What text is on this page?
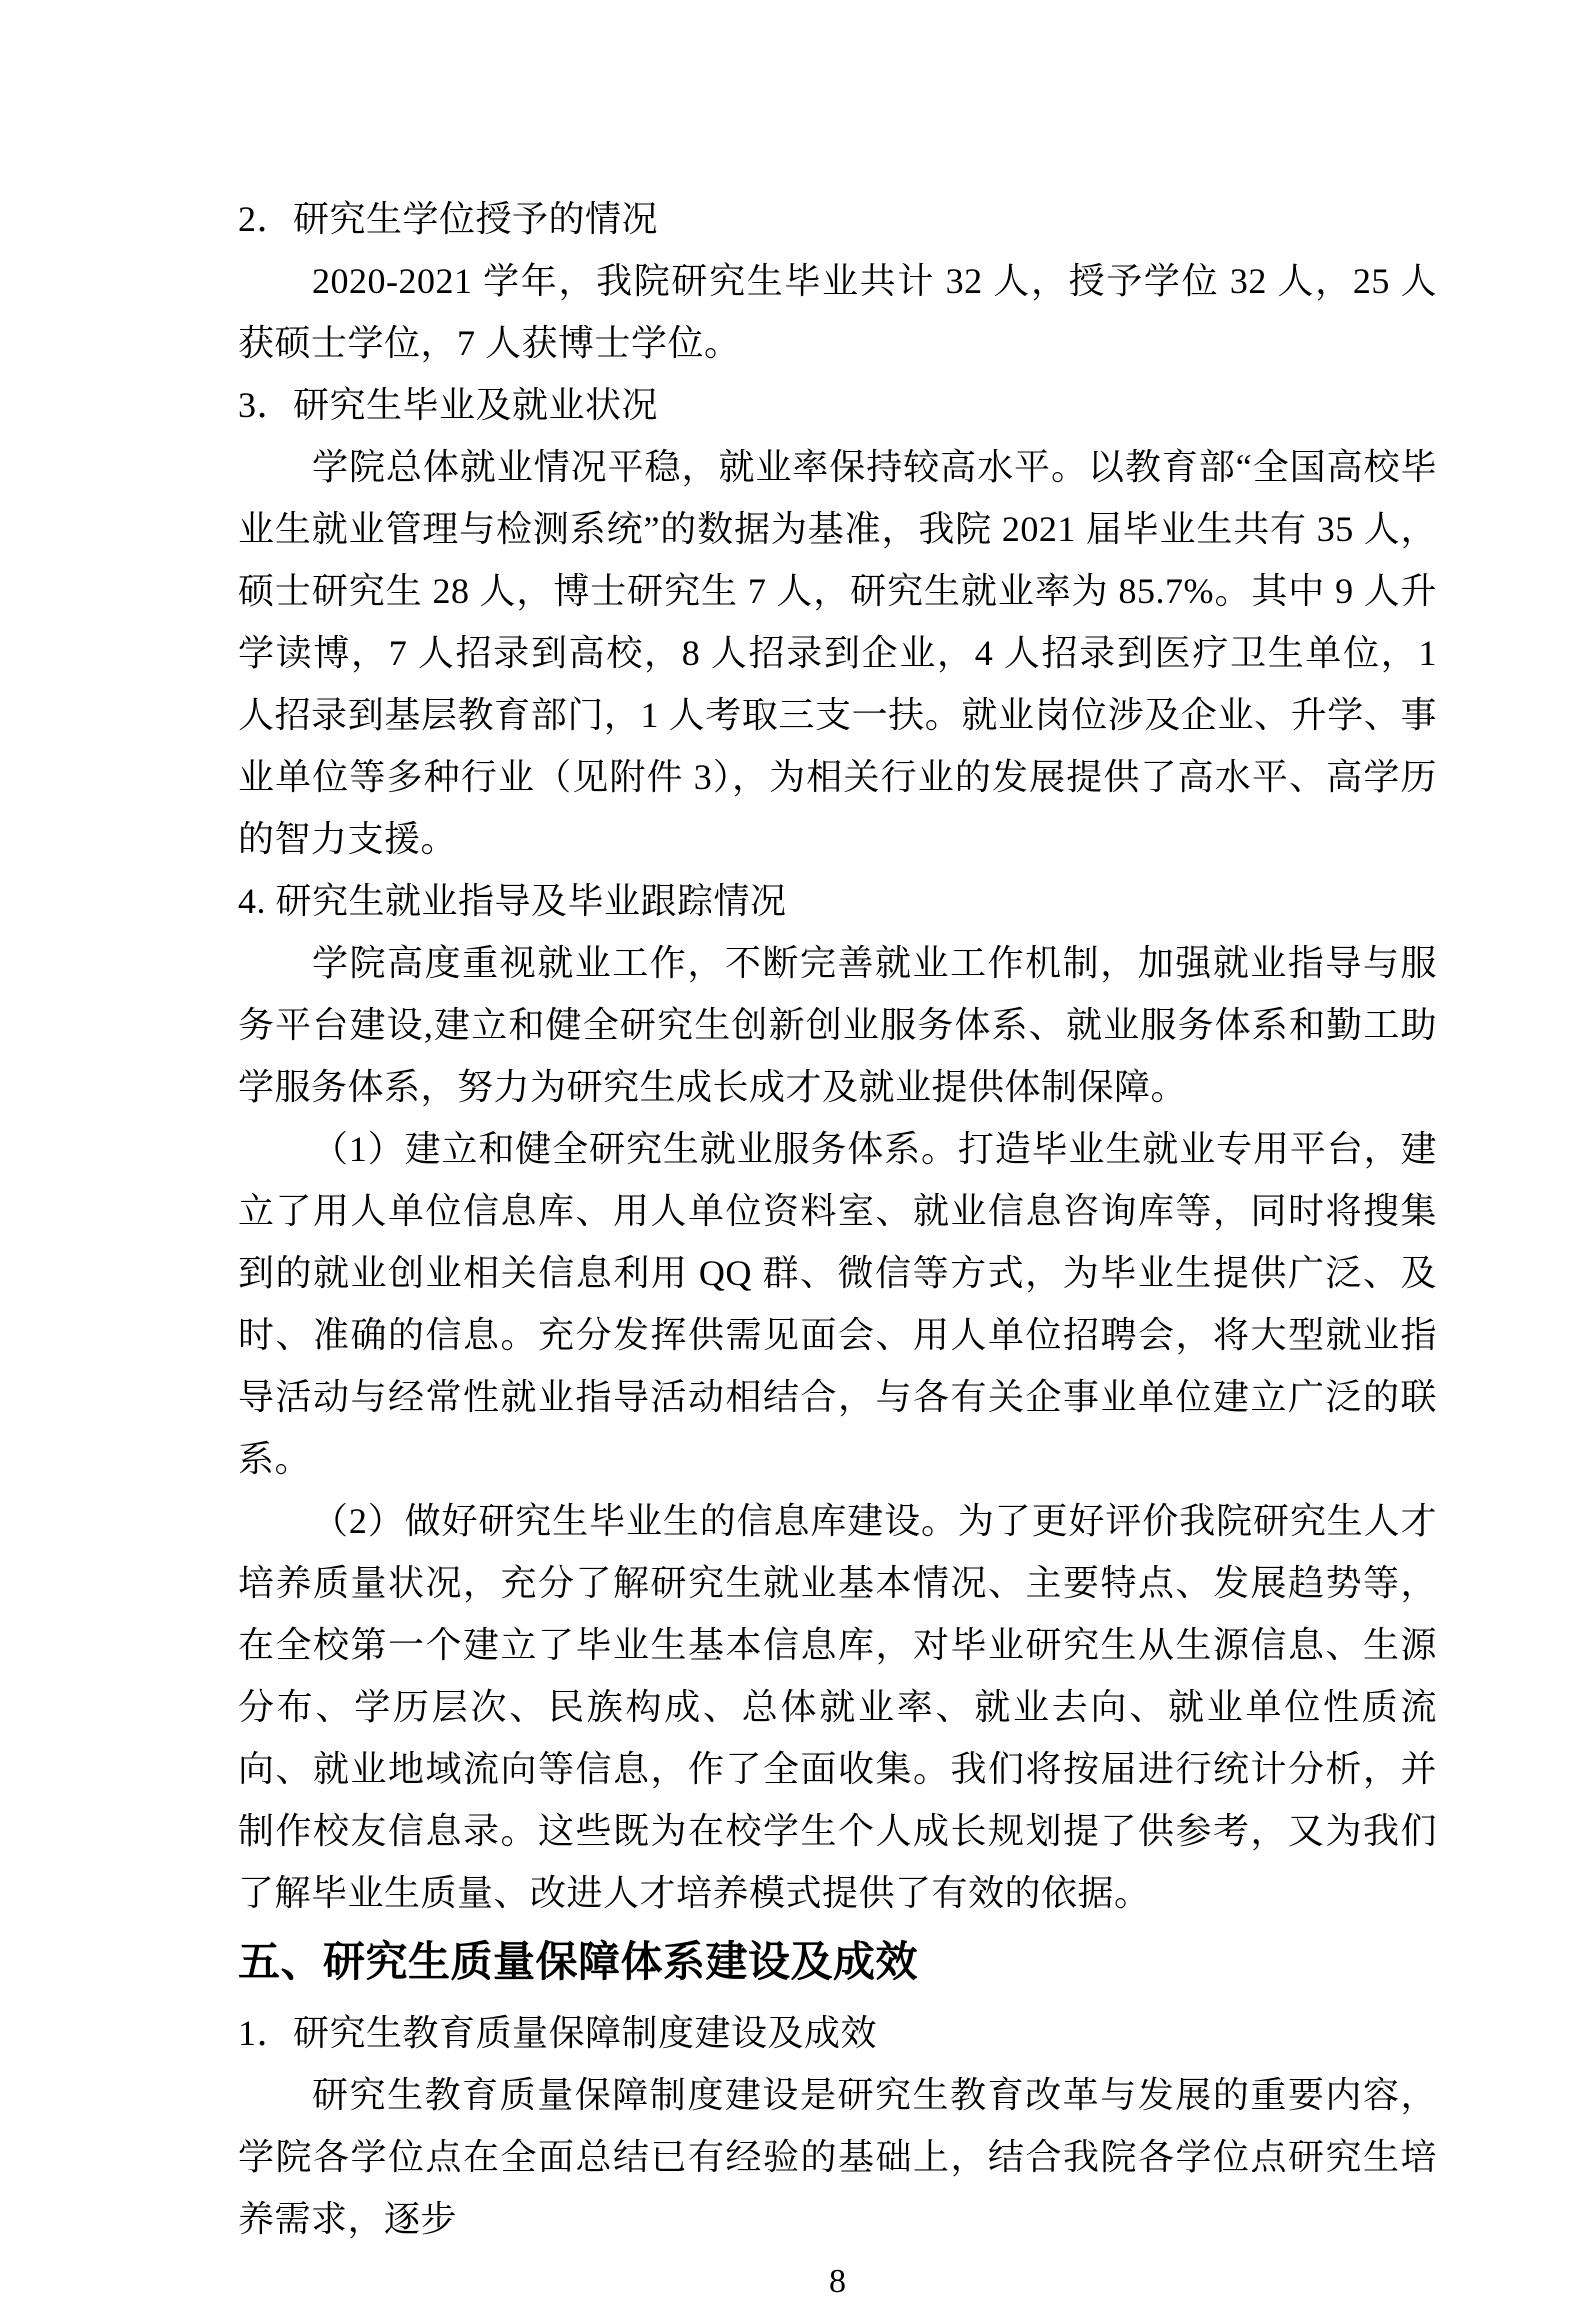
2．研究生学位授予的情况

2020-2021 学年，我院研究生毕业共计 32 人，授予学位 32 人，25 人获硕士学位，7 人获博士学位。

3．研究生毕业及就业状况

学院总体就业情况平稳，就业率保持较高水平。以教育部“全国高校毕业生就业管理与检测系统”的数据为基准，我院 2021 届毕业生共有 35 人，硕士研究生 28 人，博士研究生 7 人，研究生就业率为 85.7%。其中 9 人升学读博，7 人招录到高校，8 人招录到企业，4 人招录到医疗卫生单位，1 人招录到基层教育部门，1 人考取三支一扶。就业岗位涉及企业、升学、事业单位等多种行业（见附件 3），为相关行业的发展提供了高水平、高学历的智力支援。

4. 研究生就业指导及毕业跟踪情况

学院高度重视就业工作，不断完善就业工作机制，加强就业指导与服务平台建设,建立和健全研究生创新创业服务体系、就业服务体系和勤工助学服务体系，努力为研究生成长成才及就业提供体制保障。

（1）建立和健全研究生就业服务体系。打造毕业生就业专用平台，建立了用人单位信息库、用人单位资料室、就业信息咨询库等，同时将搜集到的就业创业相关信息利用 QQ 群、微信等方式，为毕业生提供广泛、及时、准确的信息。充分发挥供需见面会、用人单位招聘会，将大型就业指导活动与经常性就业指导活动相结合，与各有关企事业单位建立广泛的联系。

（2）做好研究生毕业生的信息库建设。为了更好评价我院研究生人才培养质量状况，充分了解研究生就业基本情况、主要特点、发展趋势等，在全校第一个建立了毕业生基本信息库，对毕业研究生从生源信息、生源分布、学历层次、民族构成、总体就业率、就业去向、就业单位性质流向、就业地域流向等信息，作了全面收集。我们将按届进行统计分析，并制作校友信息录。这些既为在校学生个人成长规划提了供参考，又为我们了解毕业生质量、改进人才培养模式提供了有效的依据。

五、研究生质量保障体系建设及成效

1．研究生教育质量保障制度建设及成效

研究生教育质量保障制度建设是研究生教育改革与发展的重要内容，学院各学位点在全面总结已有经验的基础上，结合我院各学位点研究生培养需求，逐步

8
